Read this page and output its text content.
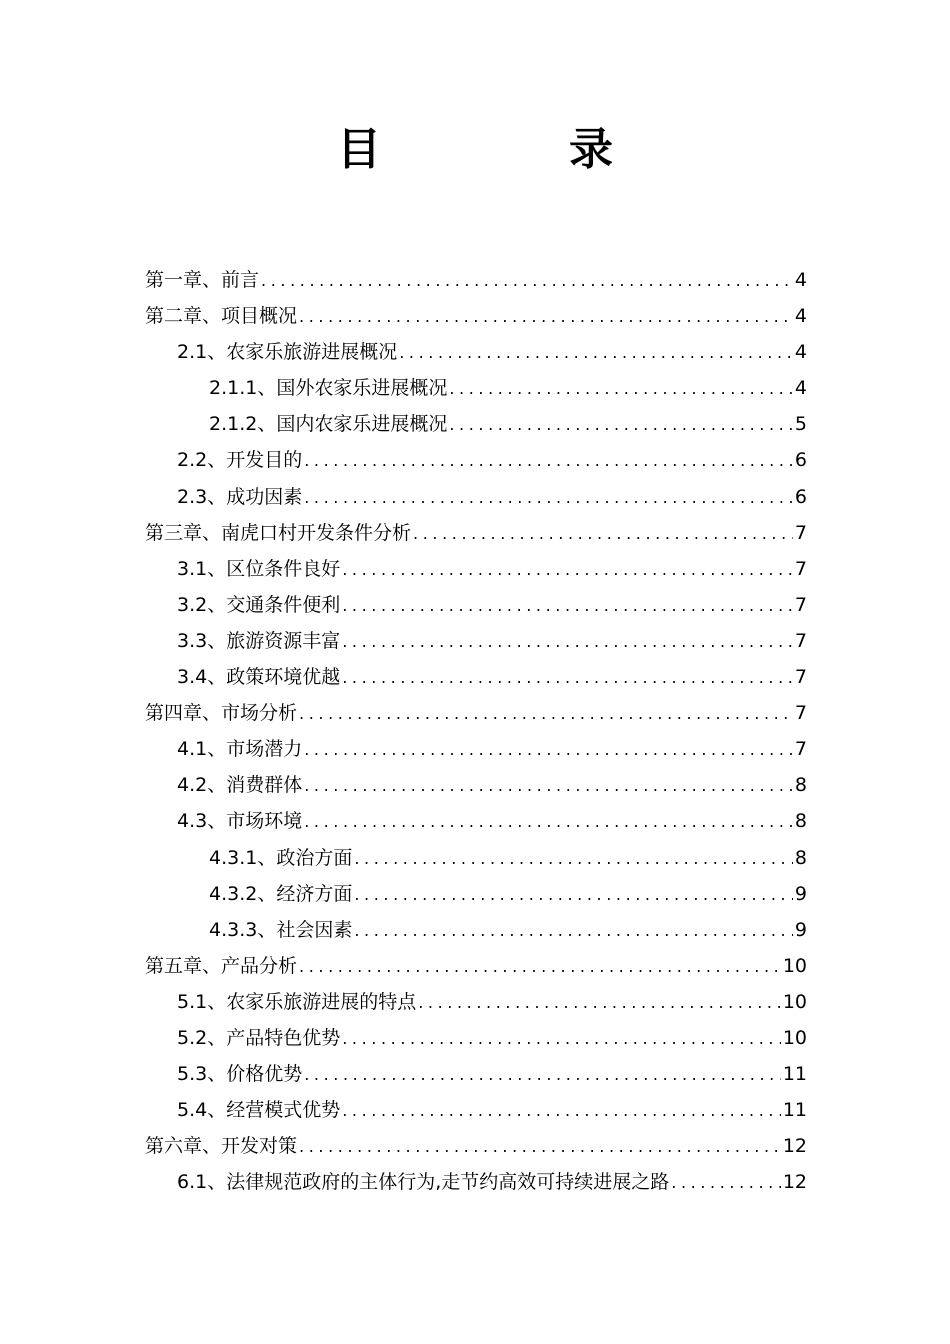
目　录
第一章、前言 .....	4
第二章、项目概况 .....	4
2.1、农家乐旅游进展概况 .....	4
2.1.1、国外农家乐进展概况 .....	4
2.1.2、国内农家乐进展概况 .....	5
2.2、开发目的 .....	6
2.3、成功因素 .....	6
第三章、南虎口村开发条件分析 .....	7
3.1、区位条件良好 .....	7
3.2、交通条件便利 .....	7
3.3、旅游资源丰富 .....	7
3.4、政策环境优越 .....	7
第四章、市场分析 .....	7
4.1、市场潜力 .....	7
4.2、消费群体 .....	8
4.3、市场环境 .....	8
4.3.1、政治方面 .....	8
4.3.2、经济方面 .....	9
4.3.3、社会因素 .....	9
第五章、产品分析 .....	10
5.1、农家乐旅游进展的特点 .....	10
5.2、产品特色优势 .....	10
5.3、价格优势 .....	11
5.4、经营模式优势 .....	11
第六章、开发对策 .....	12
6.1、法律规范政府的主体行为,走节约高效可持续进展之路 .....	12
